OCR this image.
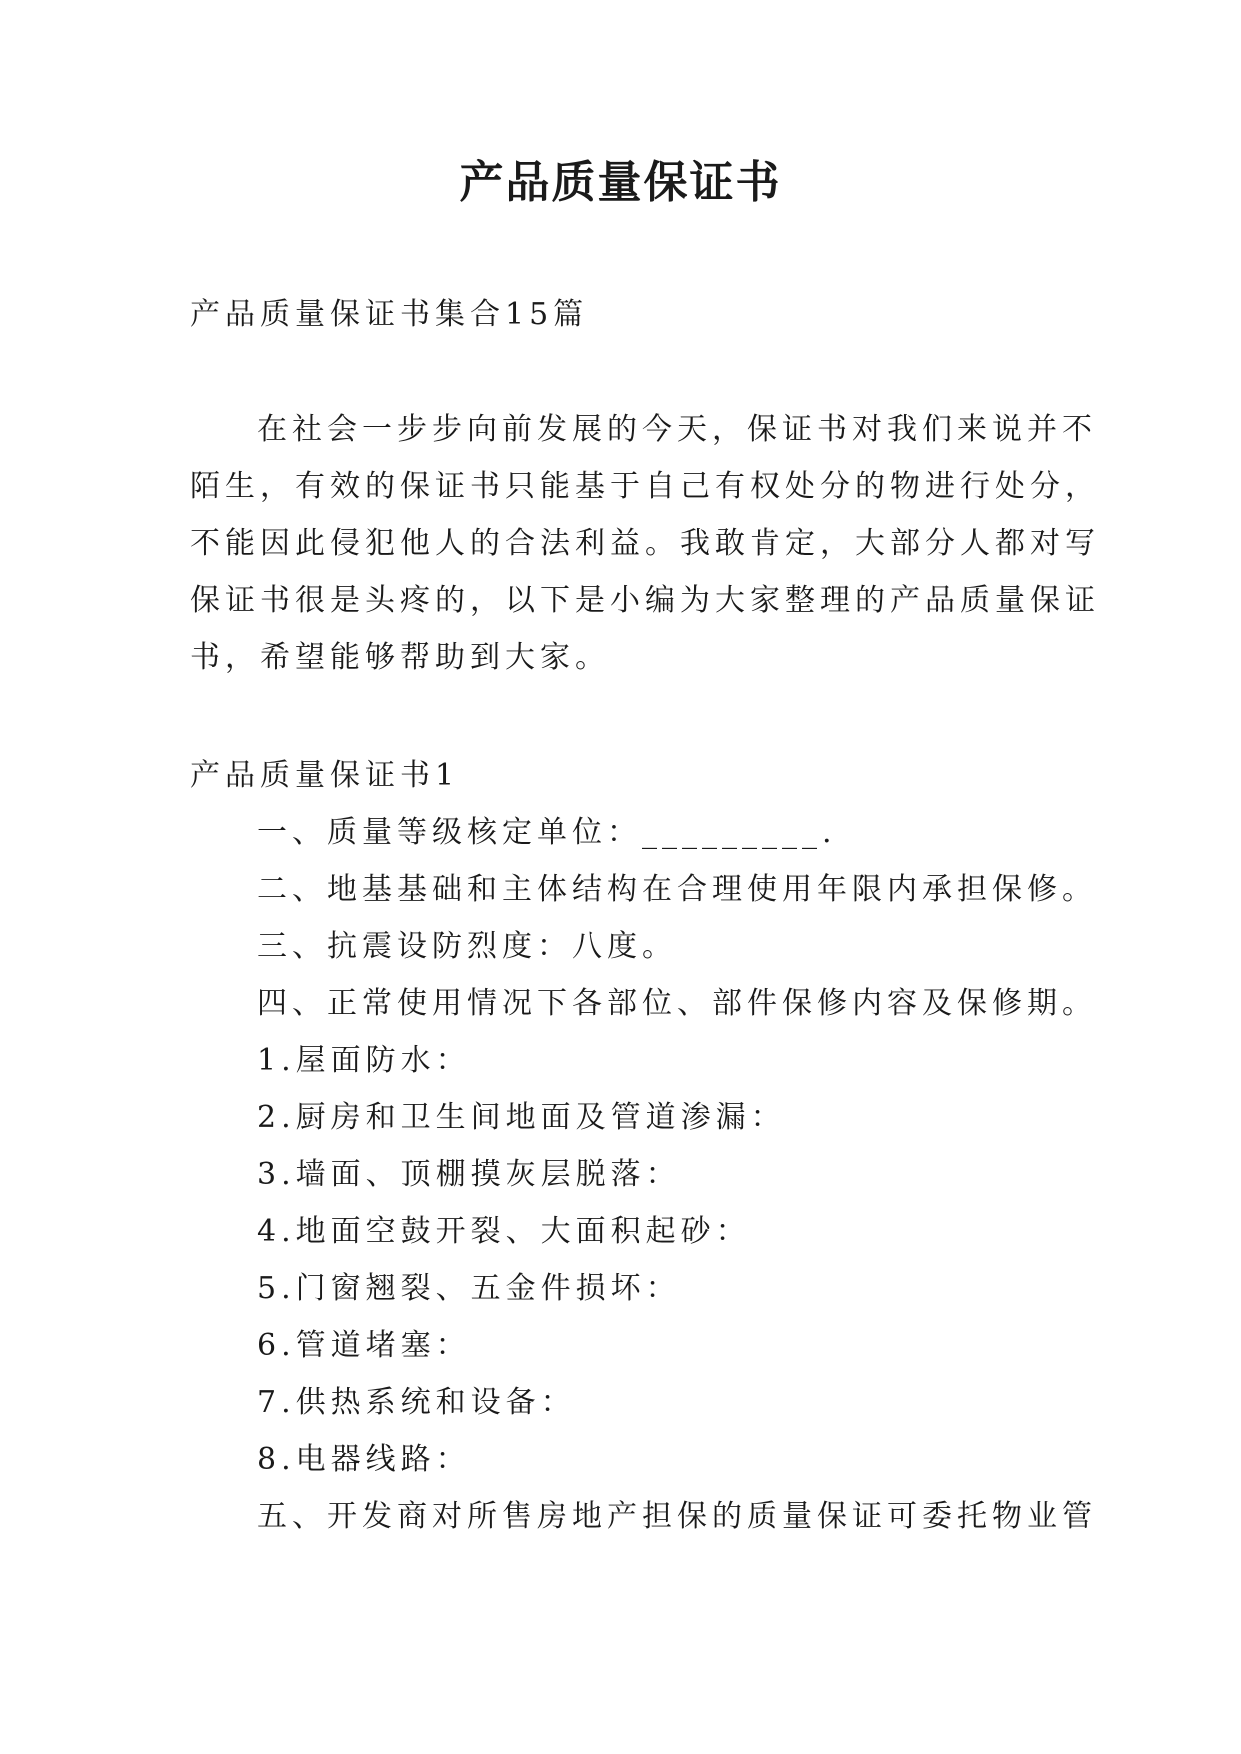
产品质量保证书

产品质量保证书集合15篇

在社会一步步向前发展的今天，保证书对我们来说并不

陌生，有效的保证书只能基于自己有权处分的物进行处分，

不能因此侵犯他人的合法利益。我敢肯定，大部分人都对写

保证书很是头疼的，以下是小编为大家整理的产品质量保证

书，希望能够帮助到大家。

产品质量保证书1

一、质量等级核定单位：_________.

二、地基基础和主体结构在合理使用年限内承担保修。

三、抗震设防烈度：八度。

四、正常使用情况下各部位、部件保修内容及保修期。

1.屋面防水：

2.厨房和卫生间地面及管道渗漏：

3.墙面、顶棚摸灰层脱落：

4.地面空鼓开裂、大面积起砂：

5.门窗翘裂、五金件损坏：

6.管道堵塞：

7.供热系统和设备：

8.电器线路：

五、开发商对所售房地产担保的质量保证可委托物业管
